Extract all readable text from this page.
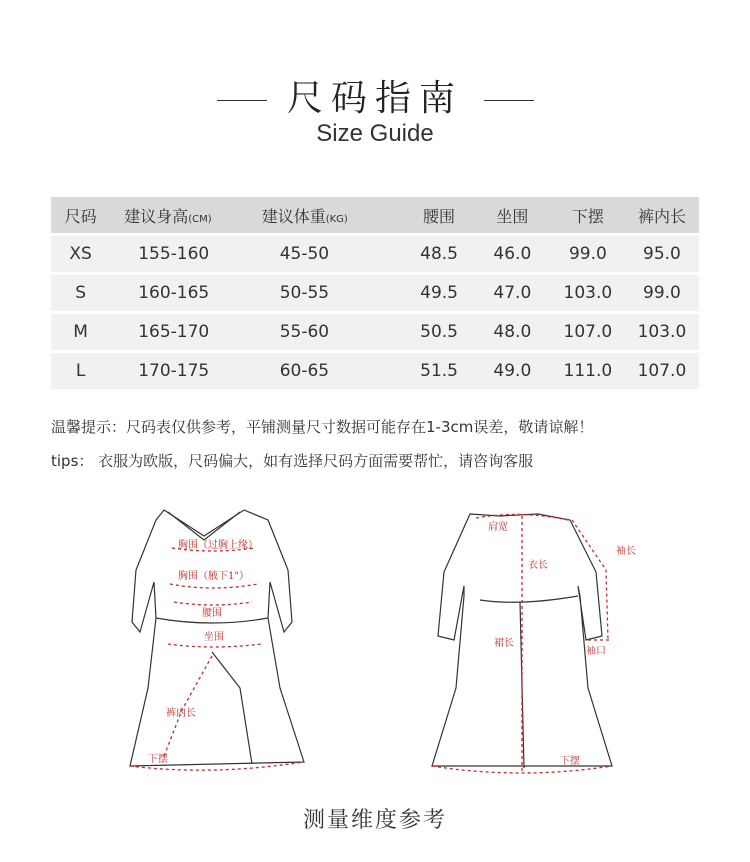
尺码指南
Size Guide
尺码	建议身高(CM)	建议体重(KG)	腰围	坐围	下摆	裤内长
XS	155-160	45-50	48.5	46.0	99.0	95.0
S	160-165	50-55	49.5	47.0	103.0	99.0
M	165-170	55-60	50.5	48.0	107.0	103.0
L	170-175	60-65	51.5	49.0	111.0	107.0
温馨提示：尺码表仅供参考，平铺测量尺寸数据可能存在1-3cm误差，敬请谅解！
tips： 衣服为欧版，尺码偏大，如有选择尺码方面需要帮忙，请咨询客服
胸围（过胸上缘）
胸围（腋下1"）
腰围
坐围
裤内长
下摆
肩宽
衣长
袖长
裙长
袖口
下摆
测量维度参考
